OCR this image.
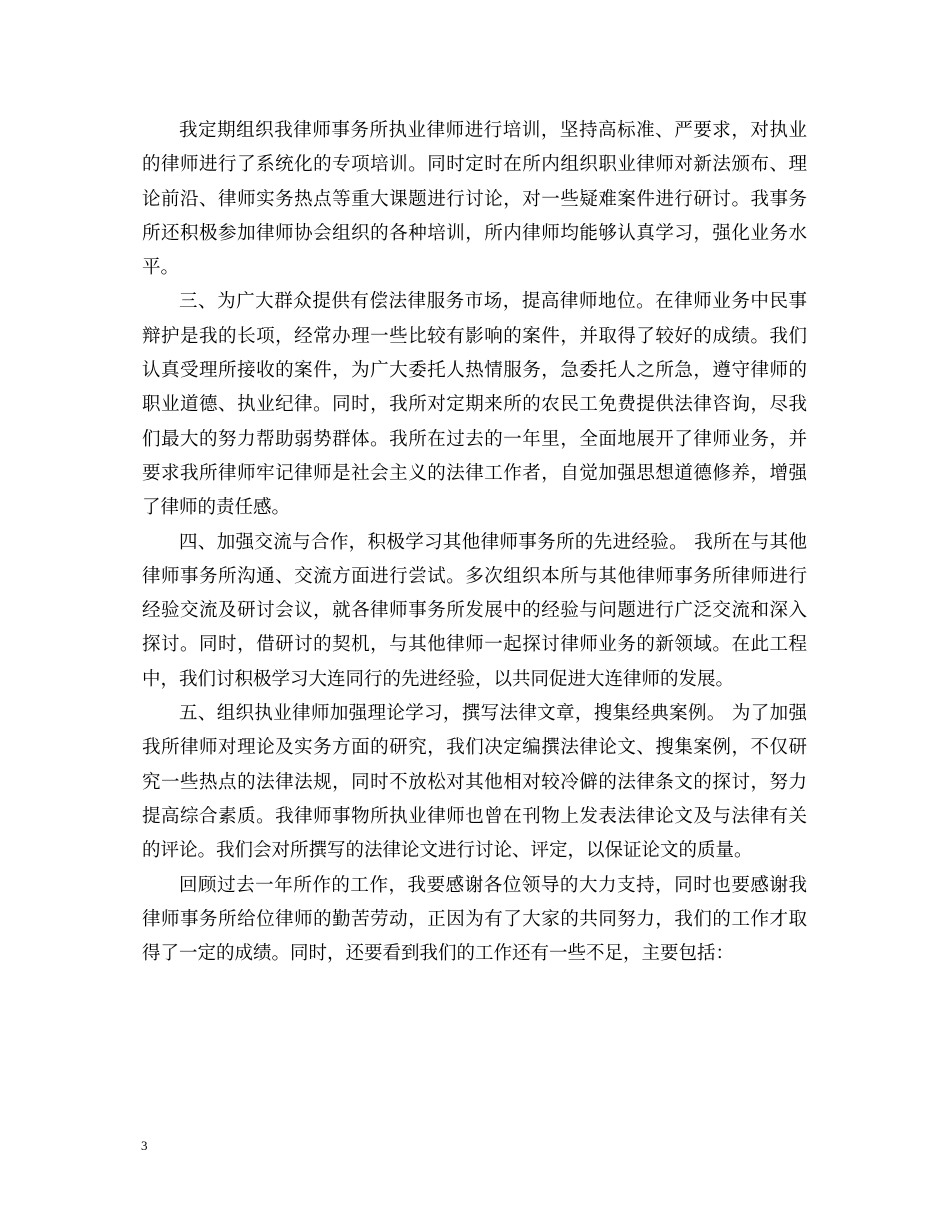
我定期组织我律师事务所执业律师进行培训，坚持高标准、严要求，对执业的律师进行了系统化的专项培训。同时定时在所内组织职业律师对新法颁布、理论前沿、律师实务热点等重大课题进行讨论，对一些疑难案件进行研讨。我事务所还积极参加律师协会组织的各种培训，所内律师均能够认真学习，强化业务水平。

三、为广大群众提供有偿法律服务市场，提高律师地位。在律师业务中民事辩护是我的长项，经常办理一些比较有影响的案件，并取得了较好的成绩。我们认真受理所接收的案件，为广大委托人热情服务，急委托人之所急，遵守律师的职业道德、执业纪律。同时，我所对定期来所的农民工免费提供法律咨询，尽我们最大的努力帮助弱势群体。我所在过去的一年里，全面地展开了律师业务，并要求我所律师牢记律师是社会主义的法律工作者，自觉加强思想道德修养，增强了律师的责任感。

四、加强交流与合作，积极学习其他律师事务所的先进经验。 我所在与其他律师事务所沟通、交流方面进行尝试。多次组织本所与其他律师事务所律师进行经验交流及研讨会议，就各律师事务所发展中的经验与问题进行广泛交流和深入探讨。同时，借研讨的契机，与其他律师一起探讨律师业务的新领域。在此工程中，我们讨积极学习大连同行的先进经验，以共同促进大连律师的发展。

五、组织执业律师加强理论学习，撰写法律文章，搜集经典案例。 为了加强我所律师对理论及实务方面的研究，我们决定编撰法律论文、搜集案例，不仅研究一些热点的法律法规，同时不放松对其他相对较冷僻的法律条文的探讨，努力提高综合素质。我律师事物所执业律师也曾在刊物上发表法律论文及与法律有关的评论。我们会对所撰写的法律论文进行讨论、评定，以保证论文的质量。

回顾过去一年所作的工作，我要感谢各位领导的大力支持，同时也要感谢我律师事务所给位律师的勤苦劳动，正因为有了大家的共同努力，我们的工作才取得了一定的成绩。同时，还要看到我们的工作还有一些不足，主要包括：

3
